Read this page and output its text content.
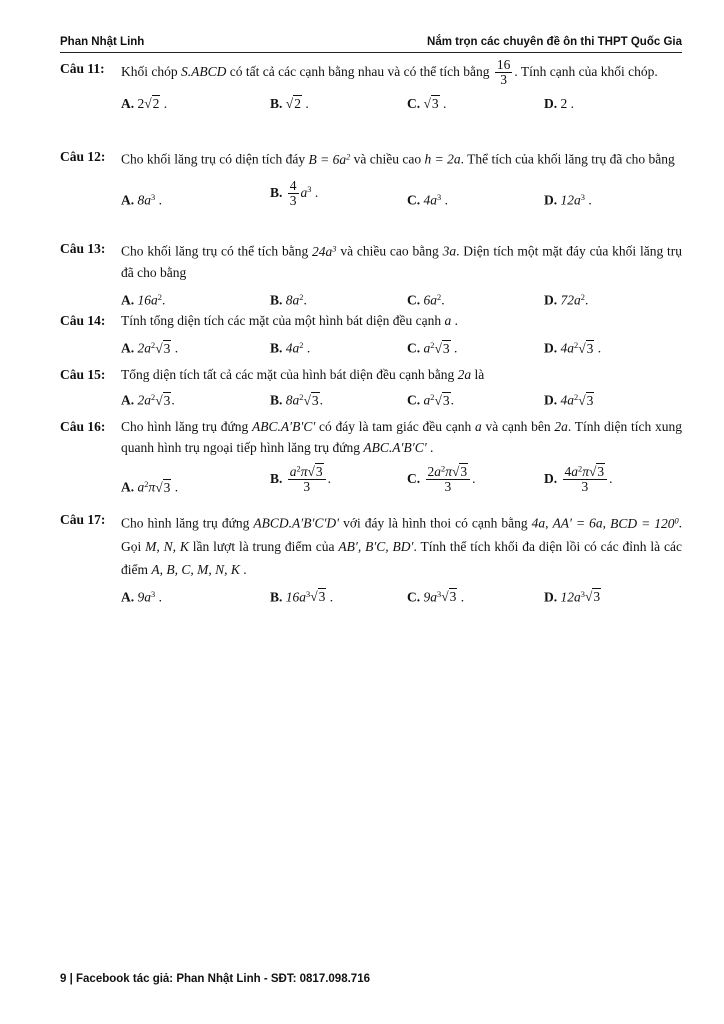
Phan Nhật Linh	Nắm trọn các chuyên đề ôn thi THPT Quốc Gia
Câu 11: Khối chóp S.ABCD có tất cả các cạnh bằng nhau và có thể tích bằng $\frac{16}{3}$ . Tính cạnh của khối chóp.
A. 2√2 .	B. √2 .	C. √3 .	D. 2 .
Câu 12: Cho khối lăng trụ có diện tích đáy $B = 6a^2$ và chiều cao h = 2a. Thể tích của khối lăng trụ đã cho bằng
A. $8a^3$ .
B. $\frac{4}{3} a^3$ .
C. $4a^3$ .	D. $12a^3$ .
Câu 13: Cho khối lăng trụ có thể tích bằng $24a^3$ và chiều cao bằng 3a. Diện tích một mặt đáy của khối lăng trụ đã cho bằng
A. $16a^2$.	B. $8a^2$.	C. $6a^2$.	D. $72a^2$.
Câu 14: Tính tổng diện tích các mặt của một hình bát diện đều cạnh a .
A. $2a^2√3$ .	B. $4a^2$ .	C. $a^2√3$ .	D. $4a^2√3$ .
Câu 15: Tổng diện tích tất cả các mặt của hình bát diện đều cạnh bằng 2a là
A. $2a^2√3$.	B. $8a^2√3$.	C. $a^2√3$.	D. $4a^2√3$
Câu 16: Cho hình lăng trụ đứng ABC.A′B′C′ có đáy là tam giác đều cạnh a và cạnh bên 2a. Tính diện tích xung quanh hình trụ ngoại tiếp hình lăng trụ đứng ABC.A′B′C′ .
A. $a^2\pi√3$ .
B. $\frac{a^2\pi√3}{3}$ .	C. $\frac{2a^2\pi√3}{3}$ .	D. $\frac{4a^2\pi√3}{3}$ .
Câu 17: Cho hình lăng trụ đứng ABCD.A′B′C′D′ với đáy là hình thoi có cạnh bằng 4a, AA′ = 6a, BCD = $120^0$. Gọi M, N, K lần lượt là trung điểm của AB′, B′C, BD′. Tính thể tích khối đa diện lồi có các đỉnh là các điểm A, B, C, M, N, K .
A. $9a^3$ .	B. $16a^3√3$ .	C. $9a^3√3$ .	D. $12a^3√3$
9 | Facebook tác giả: Phan Nhật Linh - SĐT: 0817.098.716
